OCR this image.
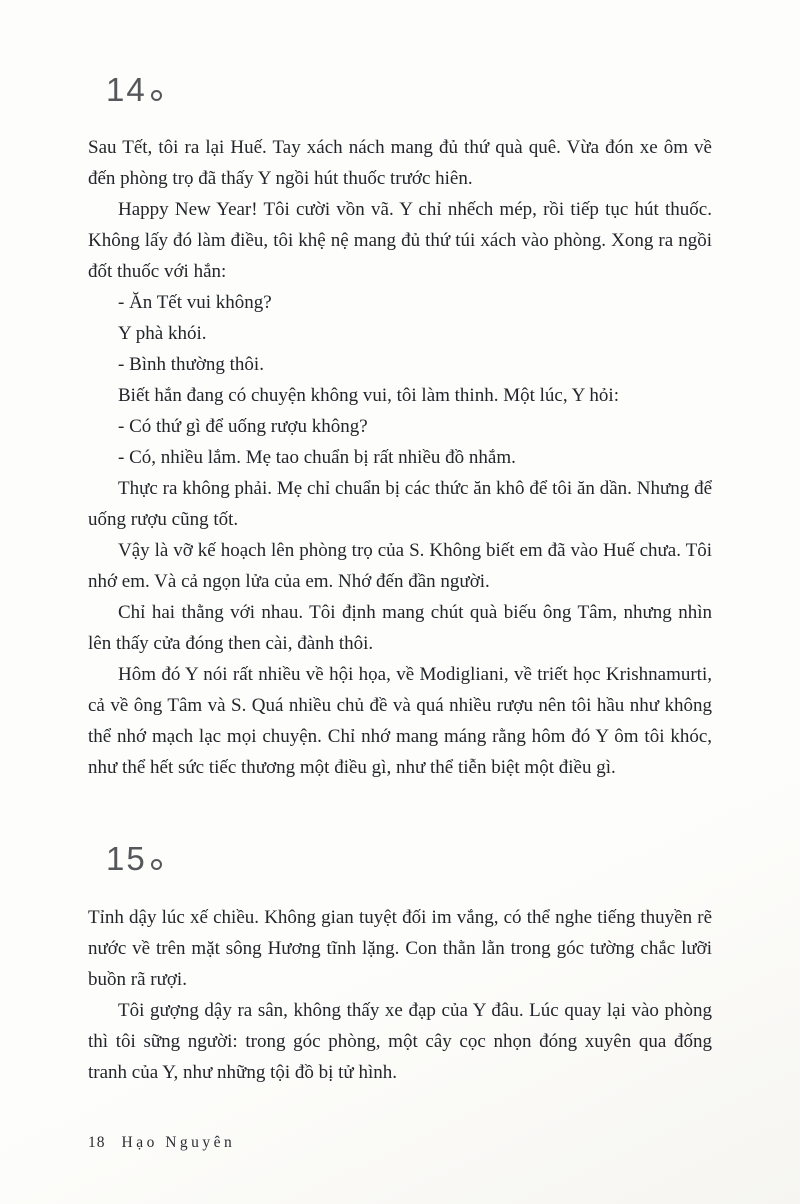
14

Sau Tết, tôi ra lại Huế. Tay xách nách mang đủ thứ quà quê. Vừa đón xe ôm về đến phòng trọ đã thấy Y ngồi hút thuốc trước hiên.

Happy New Year! Tôi cười vồn vã. Y chỉ nhếch mép, rồi tiếp tục hút thuốc. Không lấy đó làm điều, tôi khệ nệ mang đủ thứ túi xách vào phòng. Xong ra ngồi đốt thuốc với hắn:

- Ăn Tết vui không?

Y phà khói.

- Bình thường thôi.

Biết hắn đang có chuyện không vui, tôi làm thinh. Một lúc, Y hỏi:

- Có thứ gì để uống rượu không?

- Có, nhiều lắm. Mẹ tao chuẩn bị rất nhiều đồ nhắm.

Thực ra không phải. Mẹ chỉ chuẩn bị các thức ăn khô để tôi ăn dần. Nhưng để uống rượu cũng tốt.

Vậy là vỡ kế hoạch lên phòng trọ của S. Không biết em đã vào Huế chưa. Tôi nhớ em. Và cả ngọn lửa của em. Nhớ đến đần người.

Chỉ hai thằng với nhau. Tôi định mang chút quà biếu ông Tâm, nhưng nhìn lên thấy cửa đóng then cài, đành thôi.

Hôm đó Y nói rất nhiều về hội họa, về Modigliani, về triết học Krishnamurti, cả về ông Tâm và S. Quá nhiều chủ đề và quá nhiều rượu nên tôi hầu như không thể nhớ mạch lạc mọi chuyện. Chỉ nhớ mang máng rằng hôm đó Y ôm tôi khóc, như thể hết sức tiếc thương một điều gì, như thể tiễn biệt một điều gì.

15

Tỉnh dậy lúc xế chiều. Không gian tuyệt đối im vắng, có thể nghe tiếng thuyền rẽ nước về trên mặt sông Hương tĩnh lặng. Con thằn lằn trong góc tường chắc lưỡi buồn rã rượi.

Tôi gượng dậy ra sân, không thấy xe đạp của Y đâu. Lúc quay lại vào phòng thì tôi sững người: trong góc phòng, một cây cọc nhọn đóng xuyên qua đống tranh của Y, như những tội đồ bị tử hình.

18 Hạo Nguyên
